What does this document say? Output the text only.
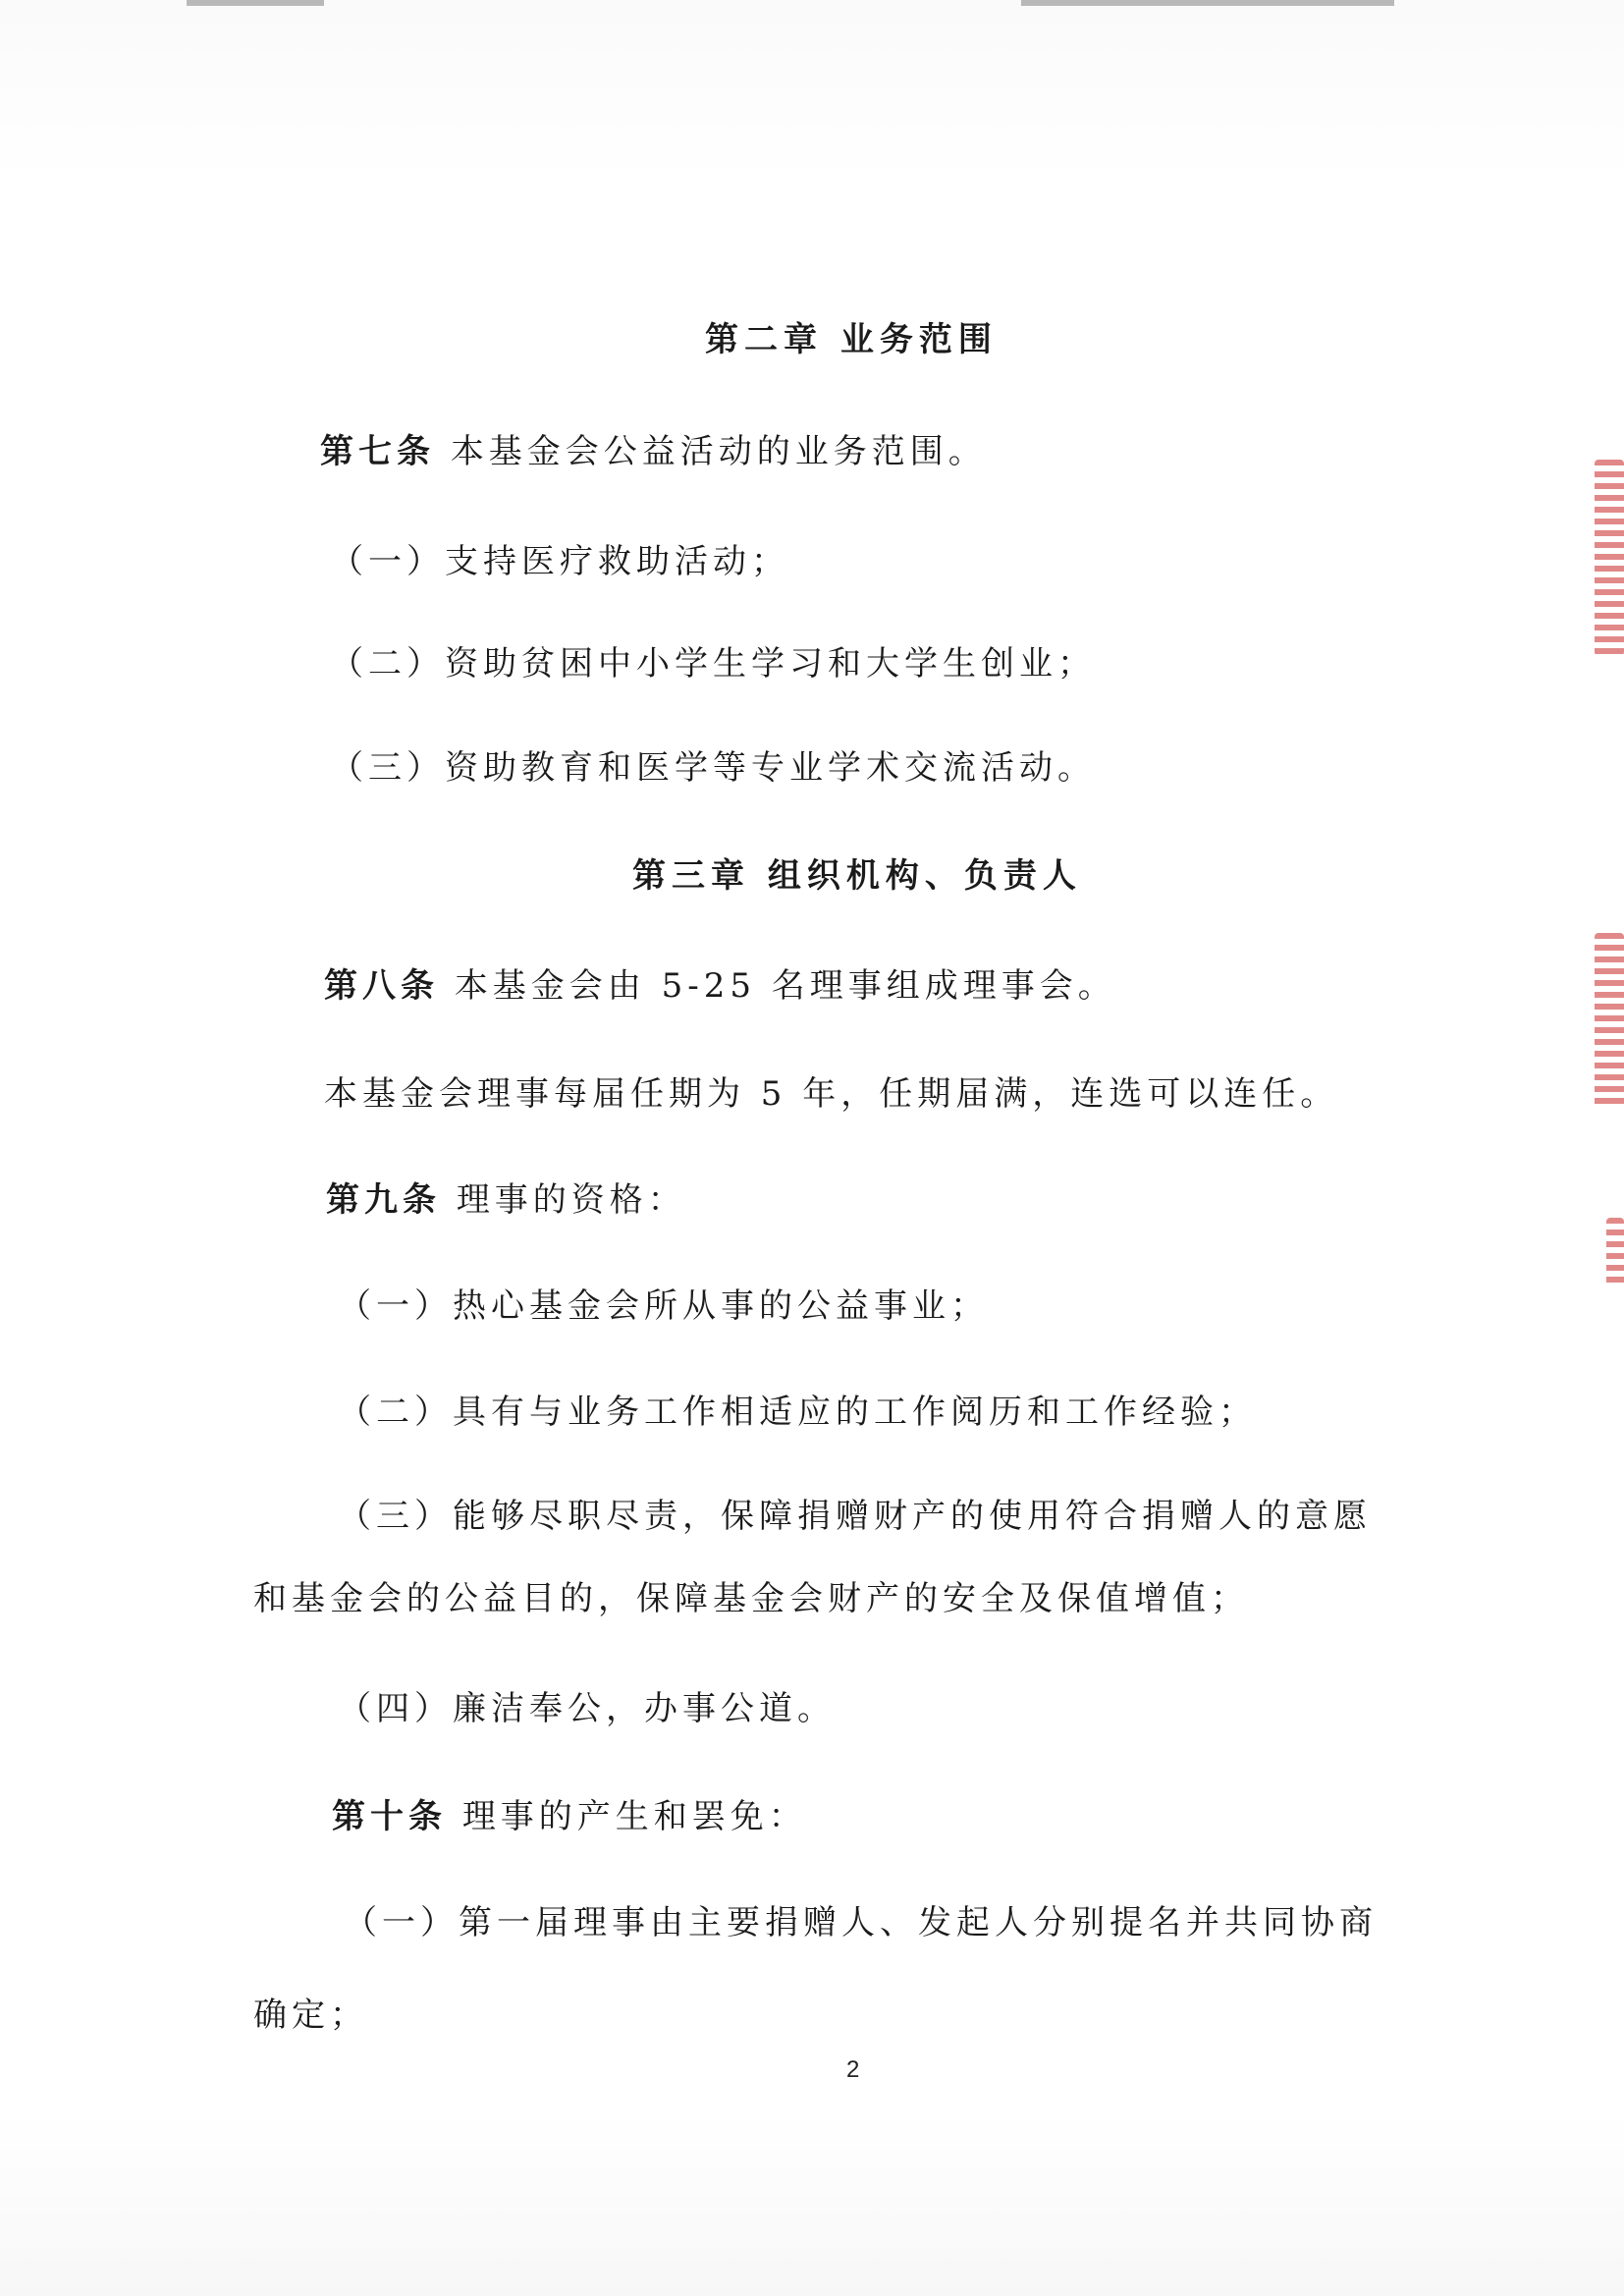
第二章 业务范围
第七条 本基金会公益活动的业务范围。
（一）支持医疗救助活动；
（二）资助贫困中小学生学习和大学生创业；
（三）资助教育和医学等专业学术交流活动。
第三章 组织机构、负责人
第八条 本基金会由 5-25 名理事组成理事会。
本基金会理事每届任期为 5 年，任期届满，连选可以连任。
第九条 理事的资格：
（一）热心基金会所从事的公益事业；
（二）具有与业务工作相适应的工作阅历和工作经验；
（三）能够尽职尽责，保障捐赠财产的使用符合捐赠人的意愿
和基金会的公益目的，保障基金会财产的安全及保值增值；
（四）廉洁奉公，办事公道。
第十条 理事的产生和罢免：
（一）第一届理事由主要捐赠人、发起人分别提名并共同协商
确定；
2
